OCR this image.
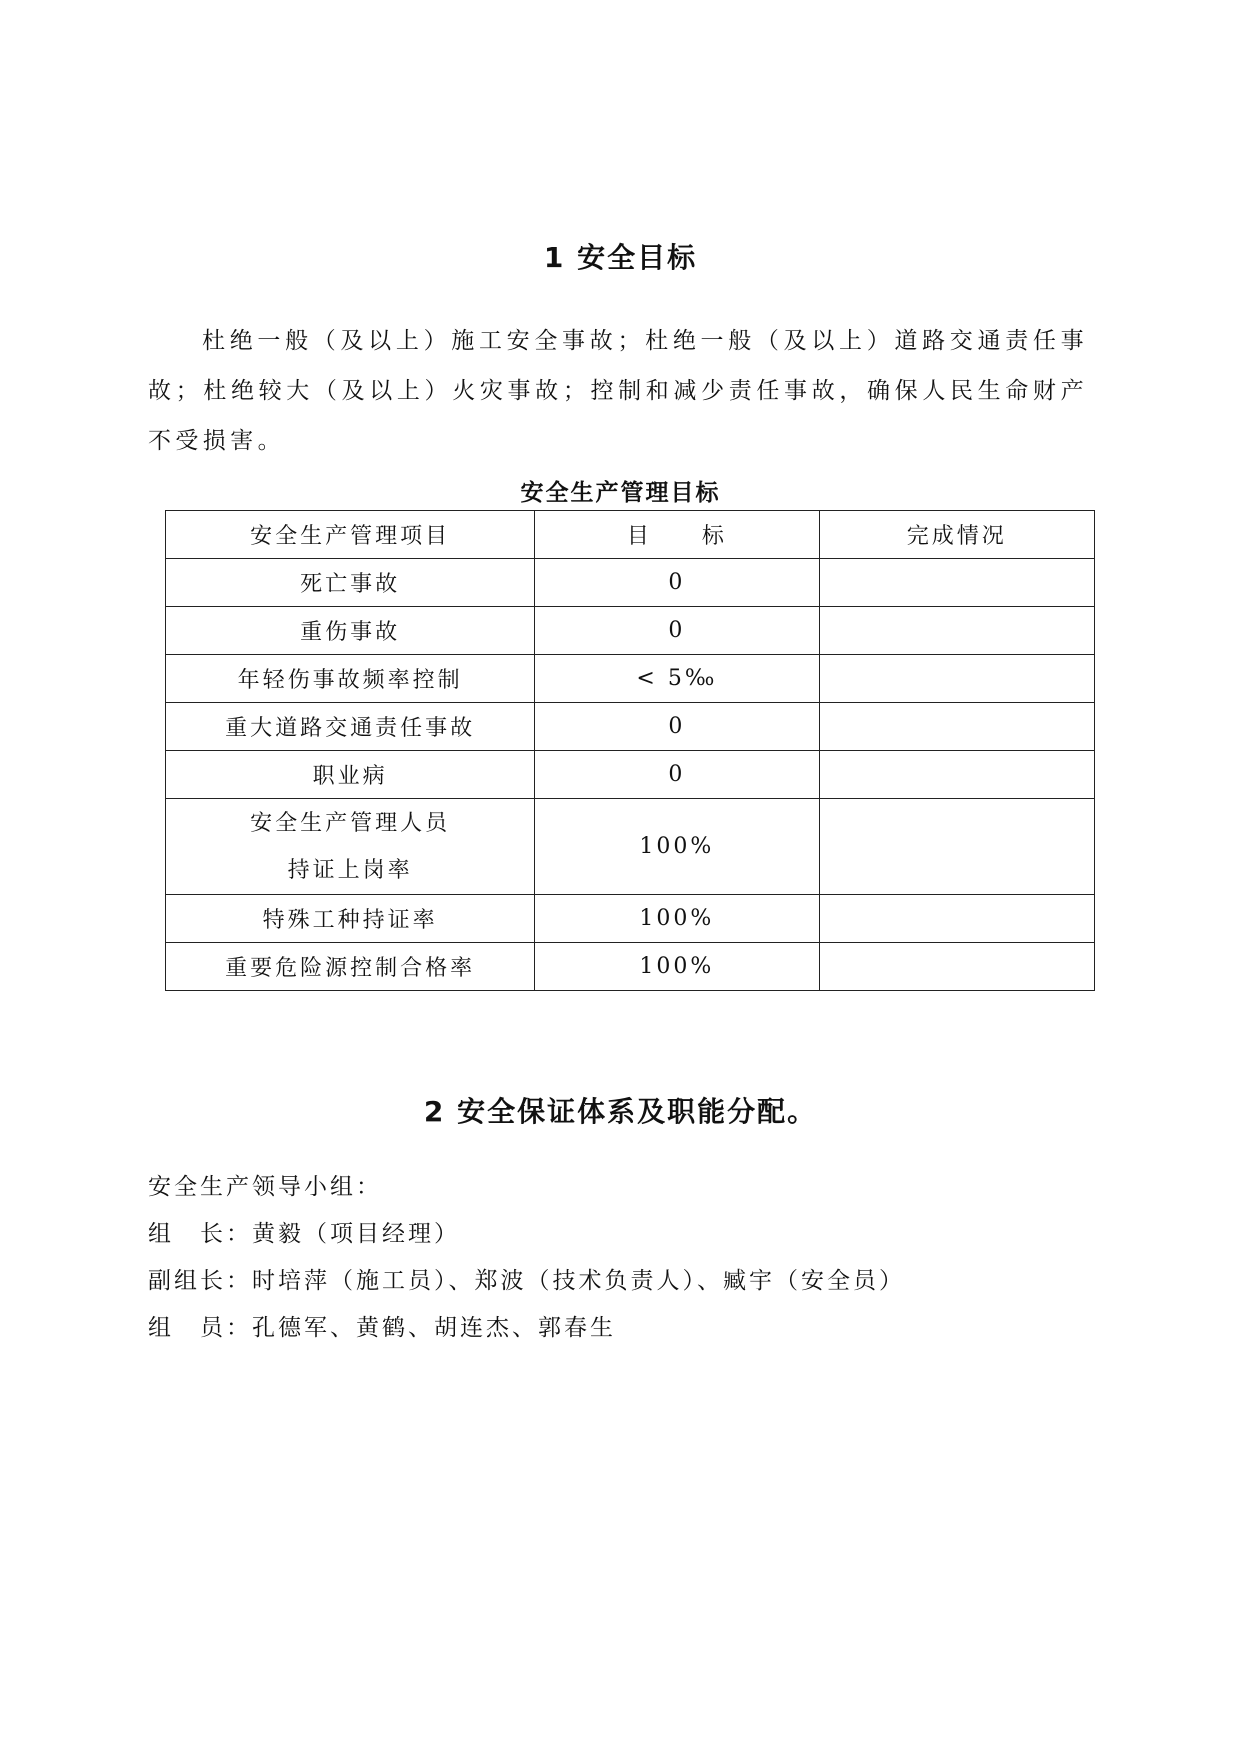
1 安全目标
杜绝一般（及以上）施工安全事故；杜绝一般（及以上）道路交通责任事故；杜绝较大（及以上）火灾事故；控制和减少责任事故，确保人民生命财产不受损害。
安全生产管理目标
安全生产管理项目	目　　标	完成情况
死亡事故	0	
重伤事故	0	
年轻伤事故频率控制	< 5‰	
重大道路交通责任事故	0	
职业病	0	

安全生产管理人员
持证上岗率	100%	
特殊工种持证率	100%	
重要危险源控制合格率	100%	
2 安全保证体系及职能分配。
安全生产领导小组：
组　长：黄毅（项目经理）
副组长：时培萍（施工员）、郑波（技术负责人）、臧宇（安全员）
组　员：孔德军、黄鹤、胡连杰、郭春生
